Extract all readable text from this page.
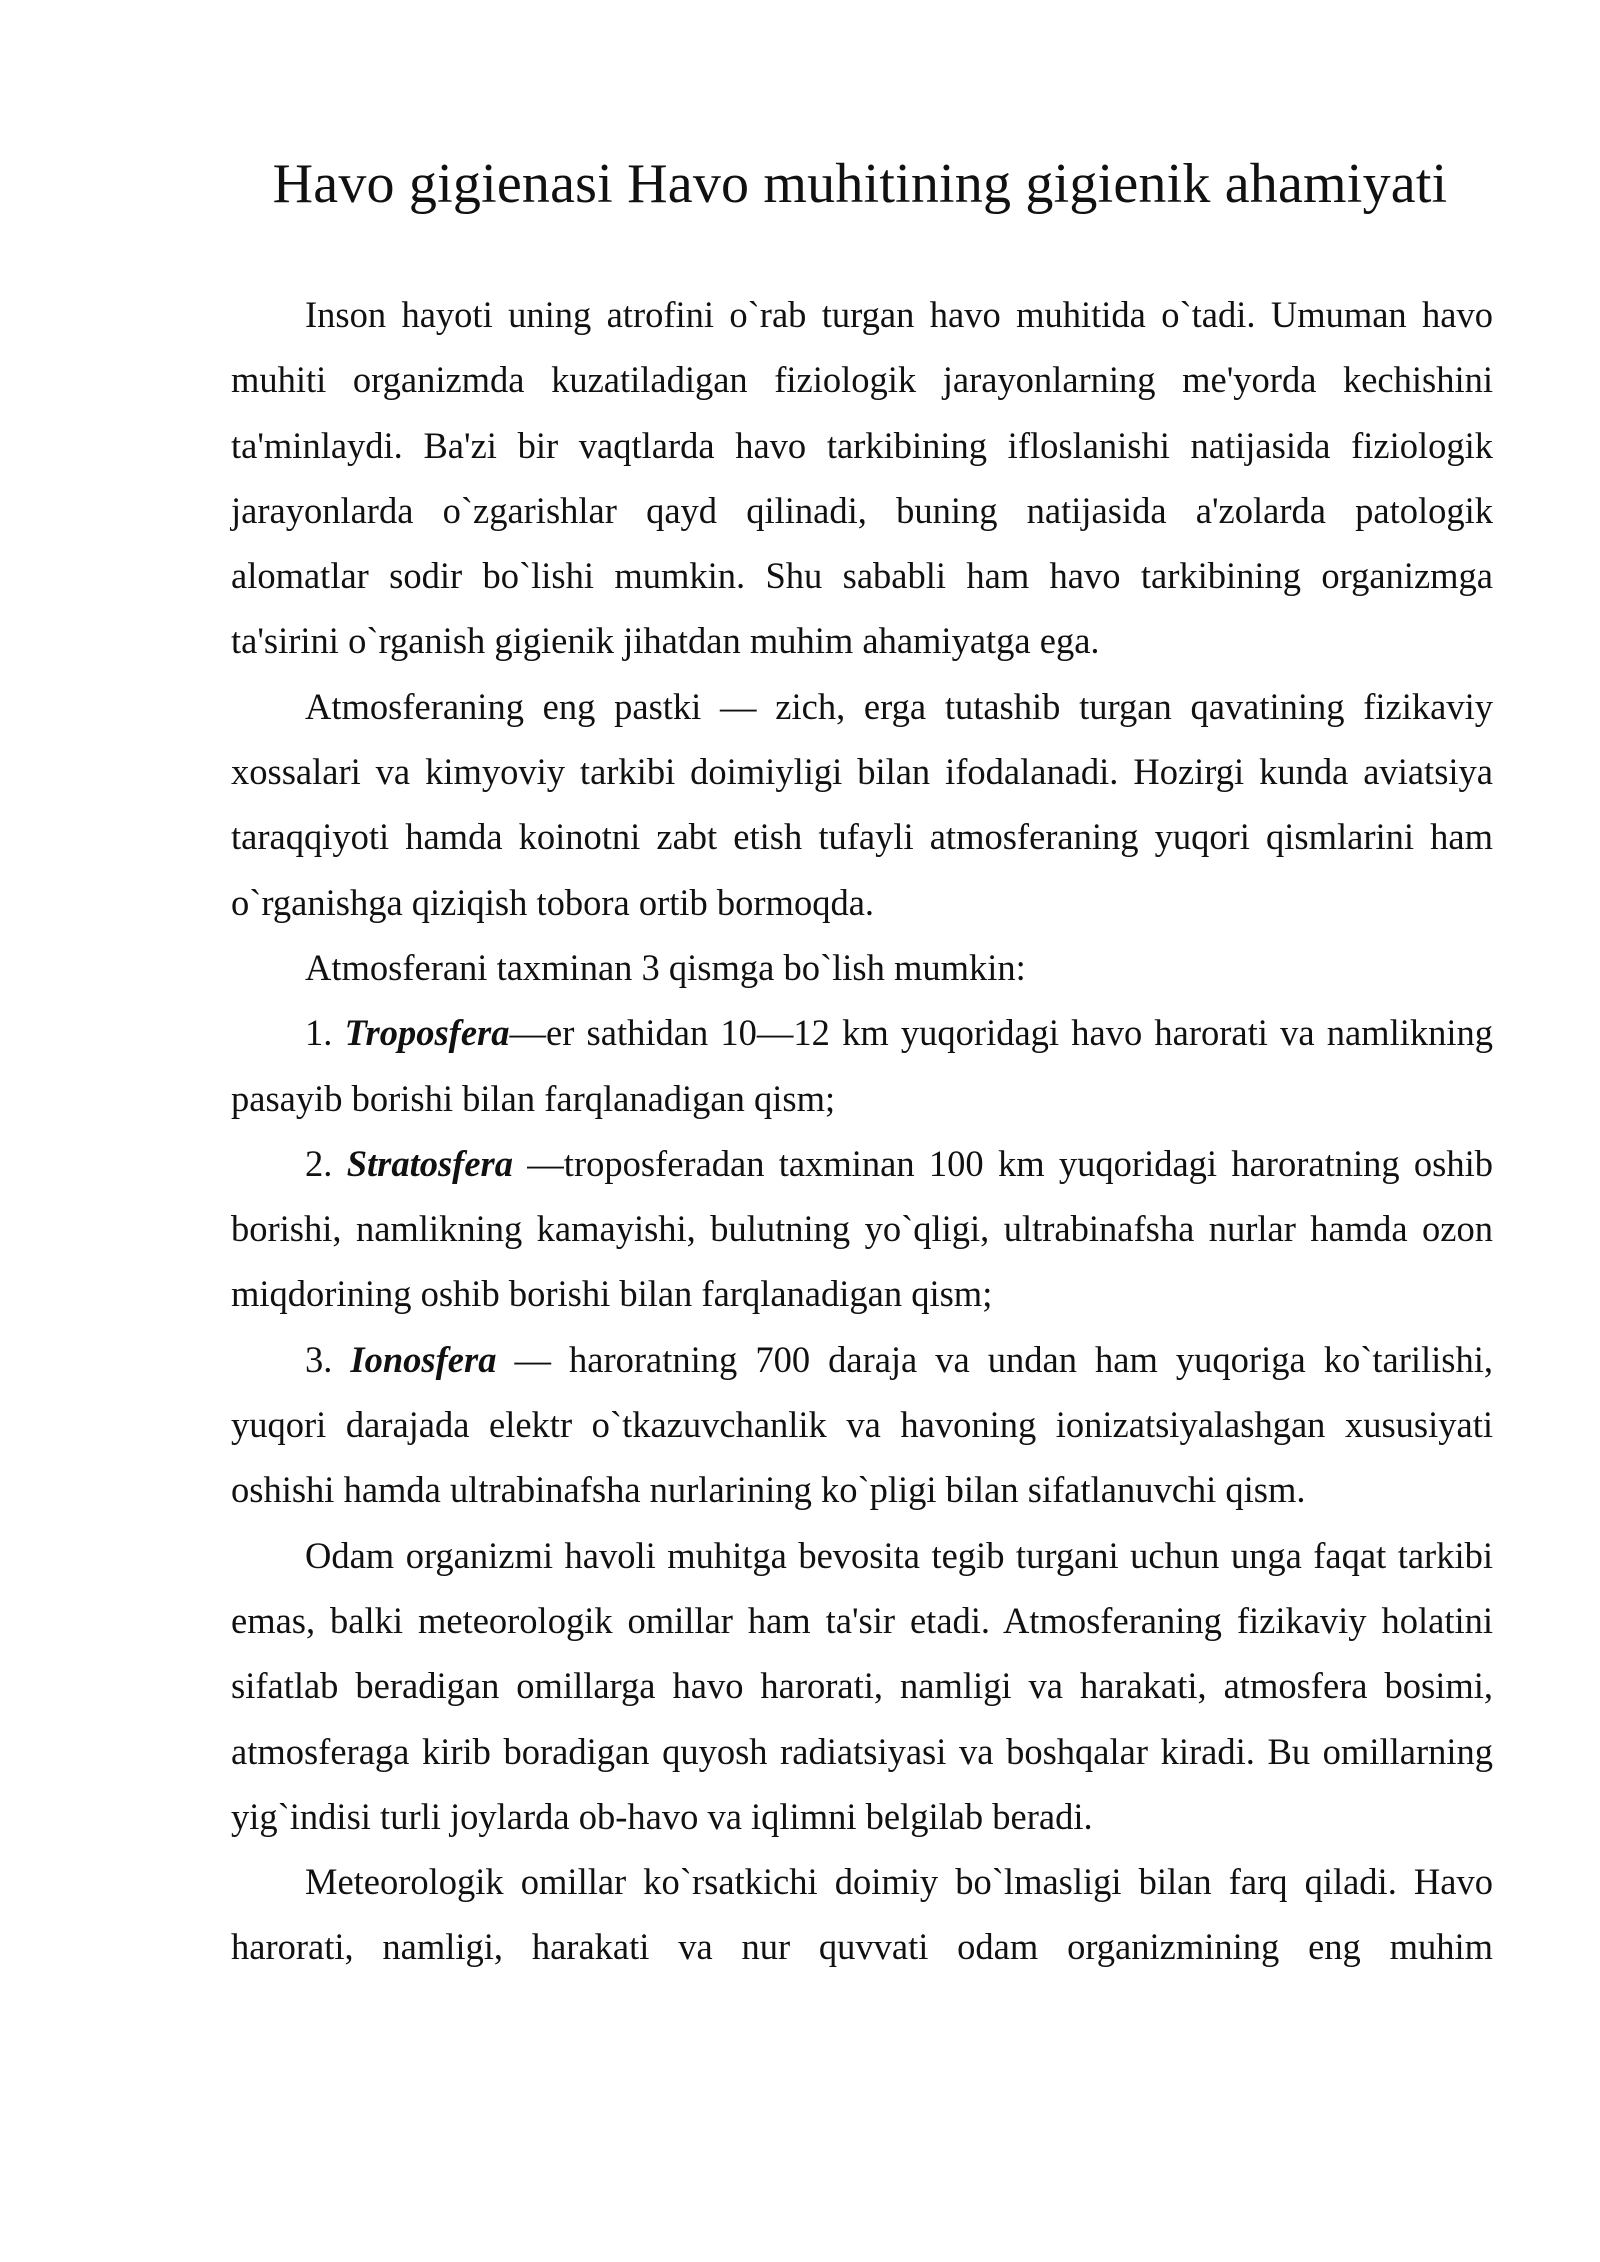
Havo gigienasi Havo muhitining gigienik ahamiyati

Inson hayoti uning atrofini o`rab turgan havo muhitida o`tadi. Umuman havo muhiti organizmda kuzatiladigan fiziologik jarayonlarning me'yorda kechishini ta'minlaydi. Ba'zi bir vaqtlarda havo tarkibining ifloslanishi natijasida fiziologik jarayonlarda o`zgarishlar qayd qilinadi, buning natijasida a'zolarda patologik alomatlar sodir bo`lishi mumkin. Shu sababli ham havo tarkibining organizmga ta'sirini o`rganish gigienik jihatdan muhim ahamiyatga ega.

Atmosferaning eng pastki — zich, erga tutashib turgan qavatining fizikaviy xossalari va kimyoviy tarkibi doimiyligi bilan ifodalanadi. Hozirgi kunda aviatsiya taraqqiyoti hamda koinotni zabt etish tufayli atmosferaning yuqori qismlarini ham o`rganishga qiziqish tobora ortib bormoqda.

Atmosferani taxminan 3 qismga bo`lish mumkin:

1. Troposfera—er sathidan 10—12 km yuqoridagi havo harorati va namlikning pasayib borishi bilan farqlanadigan qism;

2. Stratosfera —troposferadan taxminan 100 km yuqoridagi haroratning oshib borishi, namlikning kamayishi, bulutning yo`qligi, ultrabinafsha nurlar hamda ozon miqdorining oshib borishi bilan farqlanadigan qism;

3. Ionosfera — haroratning 700 daraja va undan ham yuqoriga ko`tarilishi, yuqori darajada elektr o`tkazuvchanlik va havoning ionizatsiyalashgan xususiyati oshishi hamda ultrabinafsha nurlarining ko`pligi bilan sifatlanuvchi qism.

Odam organizmi havoli muhitga bevosita tegib turgani uchun unga faqat tarkibi emas, balki meteorologik omillar ham ta'sir etadi. Atmosferaning fizikaviy holatini sifatlab beradigan omillarga havo harorati, namligi va harakati, atmosfera bosimi, atmosferaga kirib boradigan quyosh radiatsiyasi va boshqalar kiradi. Bu omillarning yig`indisi turli joylarda ob-havo va iqlimni belgilab beradi.

Meteorologik omillar ko`rsatkichi doimiy bo`lmasligi bilan farq qiladi. Havo harorati, namligi, harakati va nur quvvati odam organizmining eng muhim
